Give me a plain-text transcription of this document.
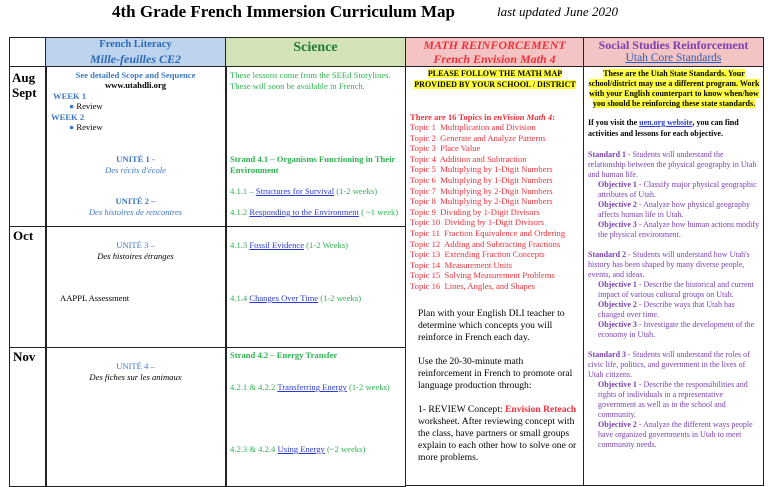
4th Grade French Immersion Curriculum Map	last updated June 2020
French Literacy
Mille-feuilles CE2
Science	MATH REINFORCEMENT
French Envision Math 4
Social Studies Reinforcement
Utah Core Standards
Aug Sept
Oct
Nov
See detailed Scope and Sequence
www.utahdli.org
WEEK 1
● Review
WEEK 2
● Review
UNITÉ 1 -
Des récits d'école
UNITÉ 2 –
Des histoires de rencontres
UNITÉ 3 –
Des histoires étranges
AAPPL Assessment
UNITÉ 4 –
Des fiches sur les animaux
These lessons come from the SEEd Storylines. These will soon be available in French.
Strand 4.1 – Organisms Functioning in Their Environment
4.1.1 – Structures for Survival (1-2 weeks)
4.1.2 Responding to the Environment ( ~1 week)
4.1.3 Fossil Evidence (1-2 Weeks)
4.1.4 Changes Over Time (1-2 weeks)
Strand 4.2 – Energy Transfer
4.2.1 & 4.2.2 Transferring Energy (1-2 weeks)
4.2.3 & 4.2.4 Using Energy (~2 weeks)
PLEASE FOLLOW THE MATH MAP PROVIDED BY YOUR SCHOOL / DISTRICT
There are 16 Topics in enVision Math 4:
Topic 1  Multiplication and Division
Topic 2  Generate and Analyze Patterns
Topic 3  Place Value
Topic 4  Addition and Subtraction
Topic 5  Multiplying by 1-Digit Numbers
Topic 6  Multiplying by 1-Digit Numbers
Topic 7  Multiplying by 2-Digit Numbers
Topic 8  Multiplying by 2-Digit Numbers
Topic 9  Dividing by 1-Digit Divisors
Topic 10  Dividing by 1-Digit Divisors
Topic 11  Fraction Equivalence and Ordering
Topic 12  Adding and Subtracting Fractions
Topic 13  Extending Fraction Concepts
Topic 14  Measurement Units
Topic 15  Solving Measurement Problems
Topic 16  Lines, Angles, and Shapes
Plan with your English DLI teacher to determine which concepts you will reinforce in French each day.
Use the 20-30-minute math reinforcement in French to promote oral language production through:
1- REVIEW Concept: Envision Reteach worksheet. After reviewing concept with the class, have partners or small groups explain to each other how to solve one or more problems.
These are the Utah State Standards. Your school/district may use a different program. Work with your English counterpart to know when/how you should be reinforcing these state standards.
If you visit the uen.org website, you can find activities and lessons for each objective.
Standard 1 - Students will understand the relationship between the physical geography in Utah and human life.
Objective 1 - Classify major physical geographic attributes of Utah.
Objective 2 - Analyze how physical geography affects human life in Utah.
Objective 3 - Analyze how human actions modify the physical environment.
Standard 2 - Students will understand how Utah's history has been shaped by many diverse people, events, and ideas.
Objective 1 - Describe the historical and current impact of various cultural groups on Utah.
Objective 2 - Describe ways that Utah has changed over time.
Objective 3 - Investigate the development of the economy in Utah.
Standard 3 - Students will understand the roles of civic life, politics, and government in the lives of Utah citizens.
Objective 1 - Describe the responsibilities and rights of individuals in a representative government as well as in the school and community.
Objective 2 - Analyze the different ways people have organized governments in Utah to meet community needs.
